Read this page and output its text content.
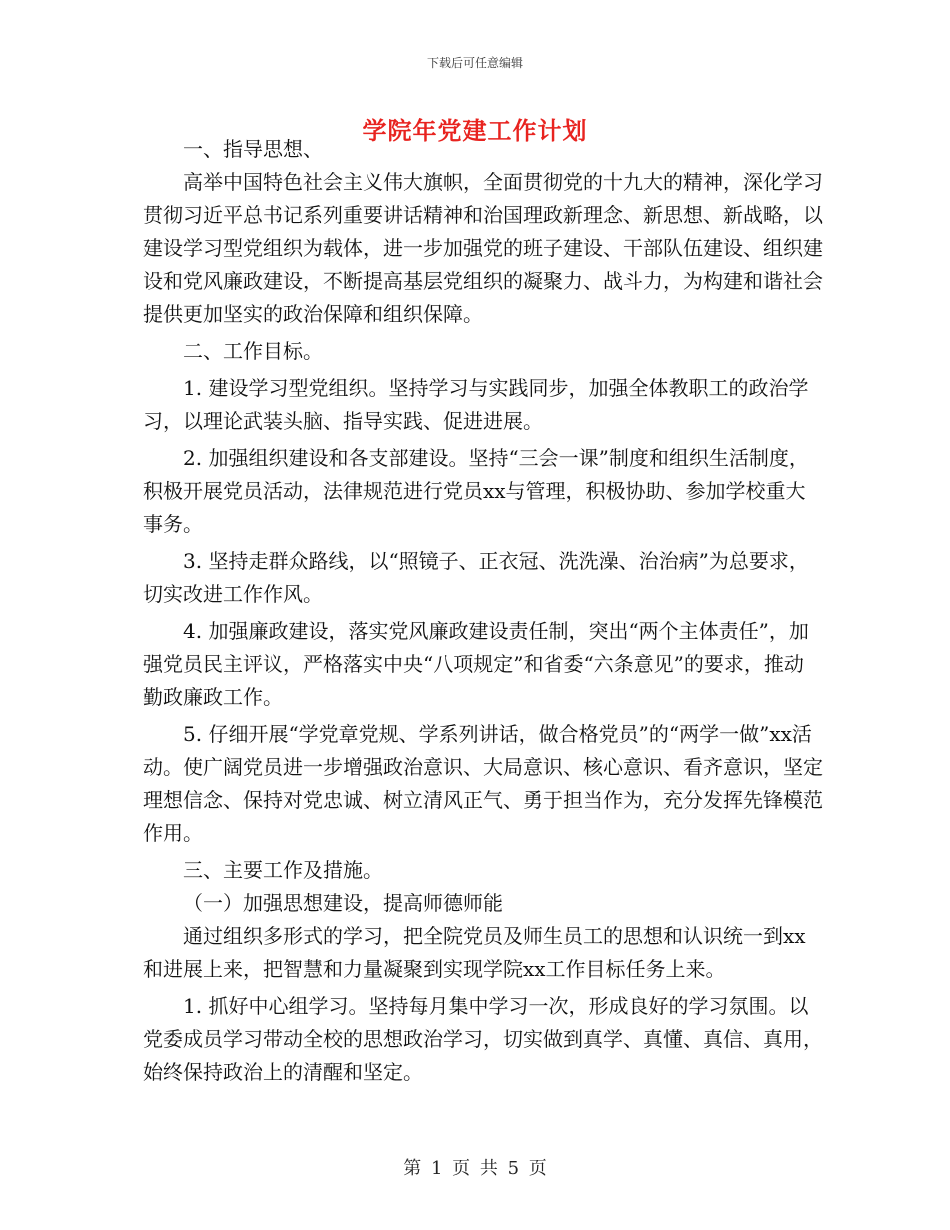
下载后可任意编辑
学院年党建工作计划

一、指导思想、

高举中国特色社会主义伟大旗帜，全面贯彻党的十九大的精神，深化学习贯彻习近平总书记系列重要讲话精神和治国理政新理念、新思想、新战略，以建设学习型党组织为载体，进一步加强党的班子建设、干部队伍建设、组织建设和党风廉政建设，不断提高基层党组织的凝聚力、战斗力，为构建和谐社会提供更加坚实的政治保障和组织保障。

二、工作目标。

1. 建设学习型党组织。坚持学习与实践同步，加强全体教职工的政治学习，以理论武装头脑、指导实践、促进进展。

2. 加强组织建设和各支部建设。坚持“三会一课”制度和组织生活制度，积极开展党员活动，法律规范进行党员xx与管理，积极协助、参加学校重大事务。

3. 坚持走群众路线，以“照镜子、正衣冠、洗洗澡、治治病”为总要求，切实改进工作作风。

4. 加强廉政建设，落实党风廉政建设责任制，突出“两个主体责任”，加强党员民主评议，严格落实中央“八项规定”和省委“六条意见”的要求，推动勤政廉政工作。

5. 仔细开展“学党章党规、学系列讲话，做合格党员”的“两学一做”xx活动。使广阔党员进一步增强政治意识、大局意识、核心意识、看齐意识，坚定理想信念、保持对党忠诚、树立清风正气、勇于担当作为，充分发挥先锋模范作用。

三、主要工作及措施。

（一）加强思想建设，提高师德师能

通过组织多形式的学习，把全院党员及师生员工的思想和认识统一到xx和进展上来，把智慧和力量凝聚到实现学院xx工作目标任务上来。

1. 抓好中心组学习。坚持每月集中学习一次，形成良好的学习氛围。以党委成员学习带动全校的思想政治学习，切实做到真学、真懂、真信、真用，始终保持政治上的清醒和坚定。

第 1 页 共 5 页
